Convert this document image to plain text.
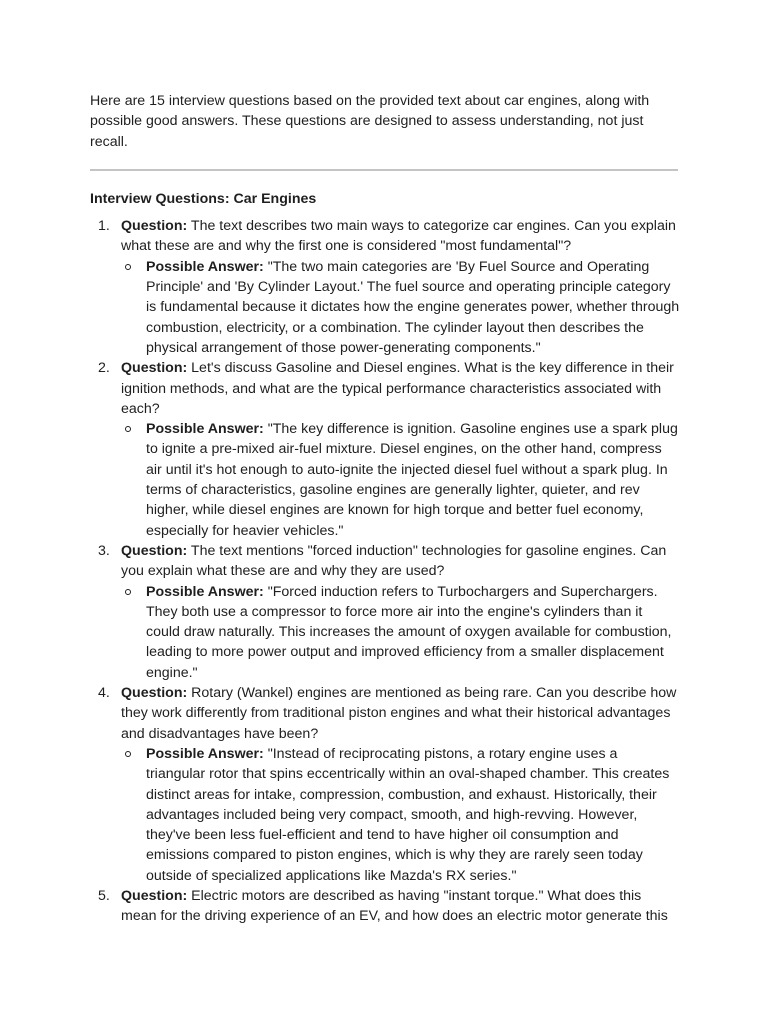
Here are 15 interview questions based on the provided text about car engines, along with possible good answers. These questions are designed to assess understanding, not just recall.

Interview Questions: Car Engines
1. Question: The text describes two main ways to categorize car engines. Can you explain what these are and why the first one is considered "most fundamental"?
Possible Answer: "The two main categories are 'By Fuel Source and Operating Principle' and 'By Cylinder Layout.' The fuel source and operating principle category is fundamental because it dictates how the engine generates power, whether through combustion, electricity, or a combination. The cylinder layout then describes the physical arrangement of those power-generating components."
2. Question: Let's discuss Gasoline and Diesel engines. What is the key difference in their ignition methods, and what are the typical performance characteristics associated with each?
Possible Answer: "The key difference is ignition. Gasoline engines use a spark plug to ignite a pre-mixed air-fuel mixture. Diesel engines, on the other hand, compress air until it's hot enough to auto-ignite the injected diesel fuel without a spark plug. In terms of characteristics, gasoline engines are generally lighter, quieter, and rev higher, while diesel engines are known for high torque and better fuel economy, especially for heavier vehicles."
3. Question: The text mentions "forced induction" technologies for gasoline engines. Can you explain what these are and why they are used?
Possible Answer: "Forced induction refers to Turbochargers and Superchargers. They both use a compressor to force more air into the engine's cylinders than it could draw naturally. This increases the amount of oxygen available for combustion, leading to more power output and improved efficiency from a smaller displacement engine."
4. Question: Rotary (Wankel) engines are mentioned as being rare. Can you describe how they work differently from traditional piston engines and what their historical advantages and disadvantages have been?
Possible Answer: "Instead of reciprocating pistons, a rotary engine uses a triangular rotor that spins eccentrically within an oval-shaped chamber. This creates distinct areas for intake, compression, combustion, and exhaust. Historically, their advantages included being very compact, smooth, and high-revving. However, they've been less fuel-efficient and tend to have higher oil consumption and emissions compared to piston engines, which is why they are rarely seen today outside of specialized applications like Mazda's RX series."
5. Question: Electric motors are described as having "instant torque." What does this mean for the driving experience of an EV, and how does an electric motor generate this
